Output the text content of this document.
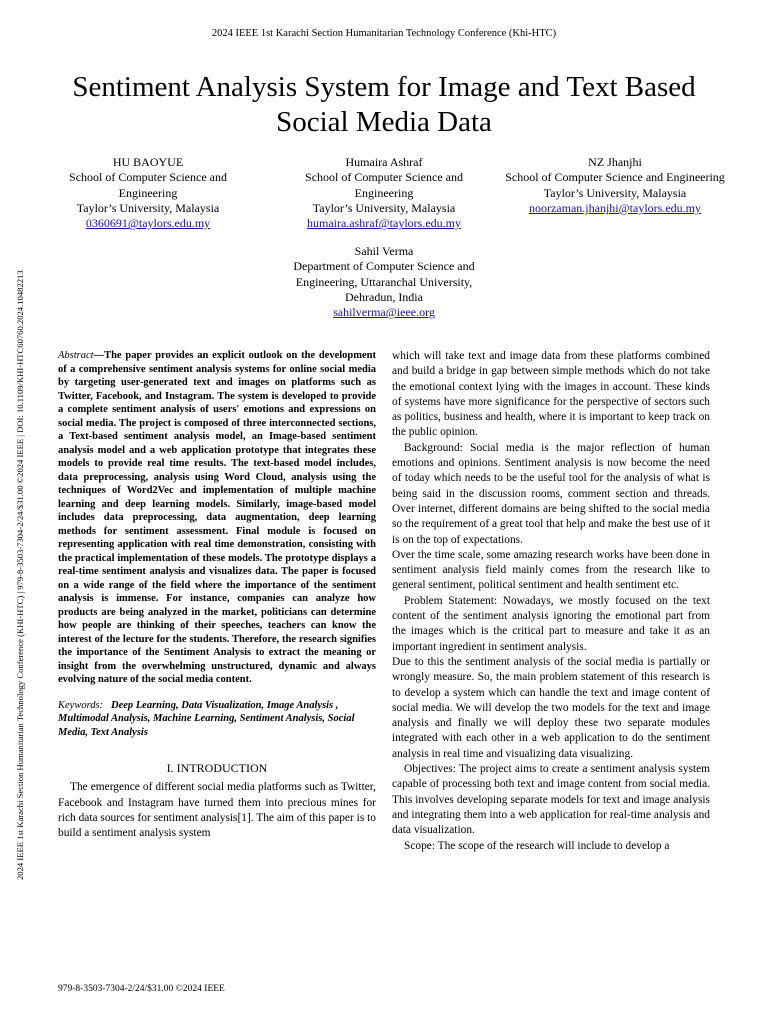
2024 IEEE 1st Karachi Section Humanitarian Technology Conference (Khi-HTC)
2024 IEEE 1st Karachi Section Humanitarian Technology Conference (KHI-HTC) | 979-8-3503-7304-2/24/$31.00 ©2024 IEEE | DOI: 10.1109/KHI-HTC60760.2024.10482213
Sentiment Analysis System for Image and Text Based Social Media Data
HU BAOYUE
School of Computer Science and Engineering
Taylor’s University, Malaysia
0360691@taylors.edu.my
Humaira Ashraf
School of Computer Science and Engineering
Taylor’s University, Malaysia
humaira.ashraf@taylors.edu.my
NZ Jhanjhi
School of Computer Science and Engineering
Taylor’s University, Malaysia
noorzaman.jhanjhi@taylors.edu.my
Sahil Verma
Department of Computer Science and Engineering, Uttaranchal University,
Dehradun, India
sahilverma@ieee.org

Abstract—The paper provides an explicit outlook on the development of a comprehensive sentiment analysis systems for online social media by targeting user-generated text and images on platforms such as Twitter, Facebook, and Instagram. The system is developed to provide a complete sentiment analysis of users' emotions and expressions on social media. The project is composed of three interconnected sections, a Text-based sentiment analysis model, an Image-based sentiment analysis model and a web application prototype that integrates these models to provide real time results. The text-based model includes, data preprocessing, analysis using Word Cloud, analysis using the techniques of Word2Vec and implementation of multiple machine learning and deep learning models. Similarly, image-based model includes data preprocessing, data augmentation, deep learning methods for sentiment assessment. Final module is focused on representing application with real time demonstration, consisting with the practical implementation of these models. The prototype displays a real-time sentiment analysis and visualizes data. The paper is focused on a wide range of the field where the importance of the sentiment analysis is immense. For instance, companies can analyze how products are being analyzed in the market, politicians can determine how people are thinking of their speeches, teachers can know the interest of the lecture for the students. Therefore, the research signifies the importance of the Sentiment Analysis to extract the meaning or insight from the overwhelming unstructured, dynamic and always evolving nature of the social media content.

Keywords: Deep Learning, Data Visualization, Image Analysis , Multimodal Analysis, Machine Learning, Sentiment Analysis, Social Media, Text Analysis

I. INTRODUCTION

The emergence of different social media platforms such as Twitter, Facebook and Instagram have turned them into precious mines for rich data sources for sentiment analysis[1]. The aim of this paper is to build a sentiment analysis system

which will take text and image data from these platforms combined and build a bridge in gap between simple methods which do not take the emotional context lying with the images in account. These kinds of systems have more significance for the perspective of sectors such as politics, business and health, where it is important to keep track on the public opinion.

Background: Social media is the major reflection of human emotions and opinions. Sentiment analysis is now become the need of today which needs to be the useful tool for the analysis of what is being said in the discussion rooms, comment section and threads. Over internet, different domains are being shifted to the social media so the requirement of a great tool that help and make the best use of it is on the top of expectations.

Over the time scale, some amazing research works have been done in sentiment analysis field mainly comes from the research like to general sentiment, political sentiment and health sentiment etc.

Problem Statement: Nowadays, we mostly focused on the text content of the sentiment analysis ignoring the emotional part from the images which is the critical part to measure and take it as an important ingredient in sentiment analysis.

Due to this the sentiment analysis of the social media is partially or wrongly measure. So, the main problem statement of this research is to develop a system which can handle the text and image content of social media. We will develop the two models for the text and image analysis and finally we will deploy these two separate modules integrated with each other in a web application to do the sentiment analysis in real time and visualizing data visualizing.

Objectives: The project aims to create a sentiment analysis system capable of processing both text and image content from social media. This involves developing separate models for text and image analysis and integrating them into a web application for real-time analysis and data visualization.

Scope: The scope of the research will include to develop a

979-8-3503-7304-2/24/$31.00 ©2024 IEEE
